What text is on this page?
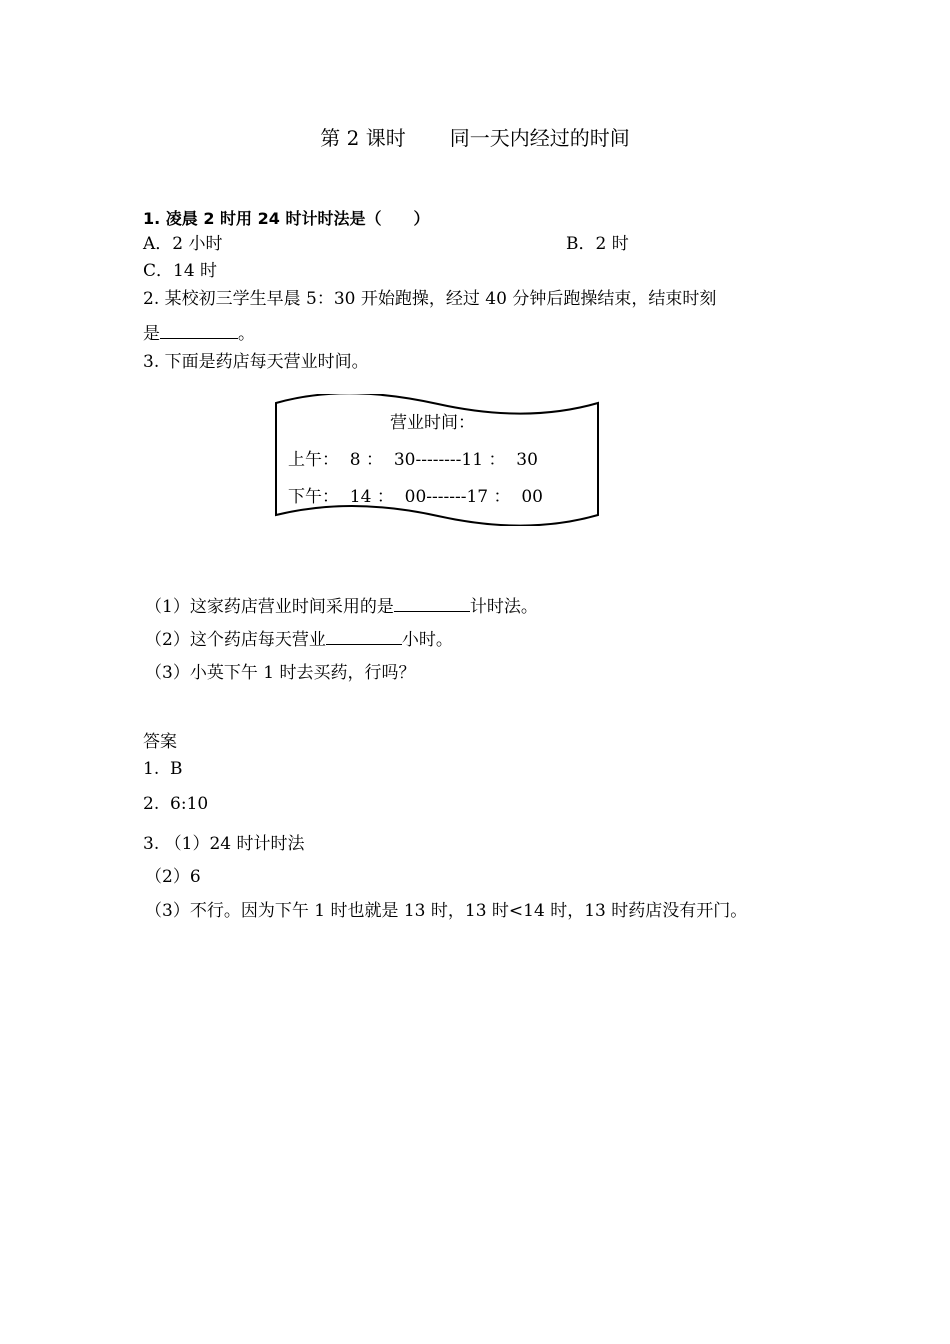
第 2 课时 同一天内经过的时间
1. 凌晨 2 时用 24 时计时法是（　　）
A．2 小时	B．2 时
C．14 时
2. 某校初三学生早晨 5：30 开始跑操，经过 40 分钟后跑操结束，结束时刻
是	。
3. 下面是药店每天营业时间。
营业时间：
上午：  8 ：  30--------11 ：  30
下午：  14 ：  00-------17 ：  00
（1）这家药店营业时间采用的是	计时法。
（2）这个药店每天营业	小时。
（3）小英下午 1 时去买药，行吗？
答案
1.  B
2.  6:10
3. （1）24 时计时法
（2）6
（3）不行。因为下午 1 时也就是 13 时，13 时<14 时，13 时药店没有开门。
